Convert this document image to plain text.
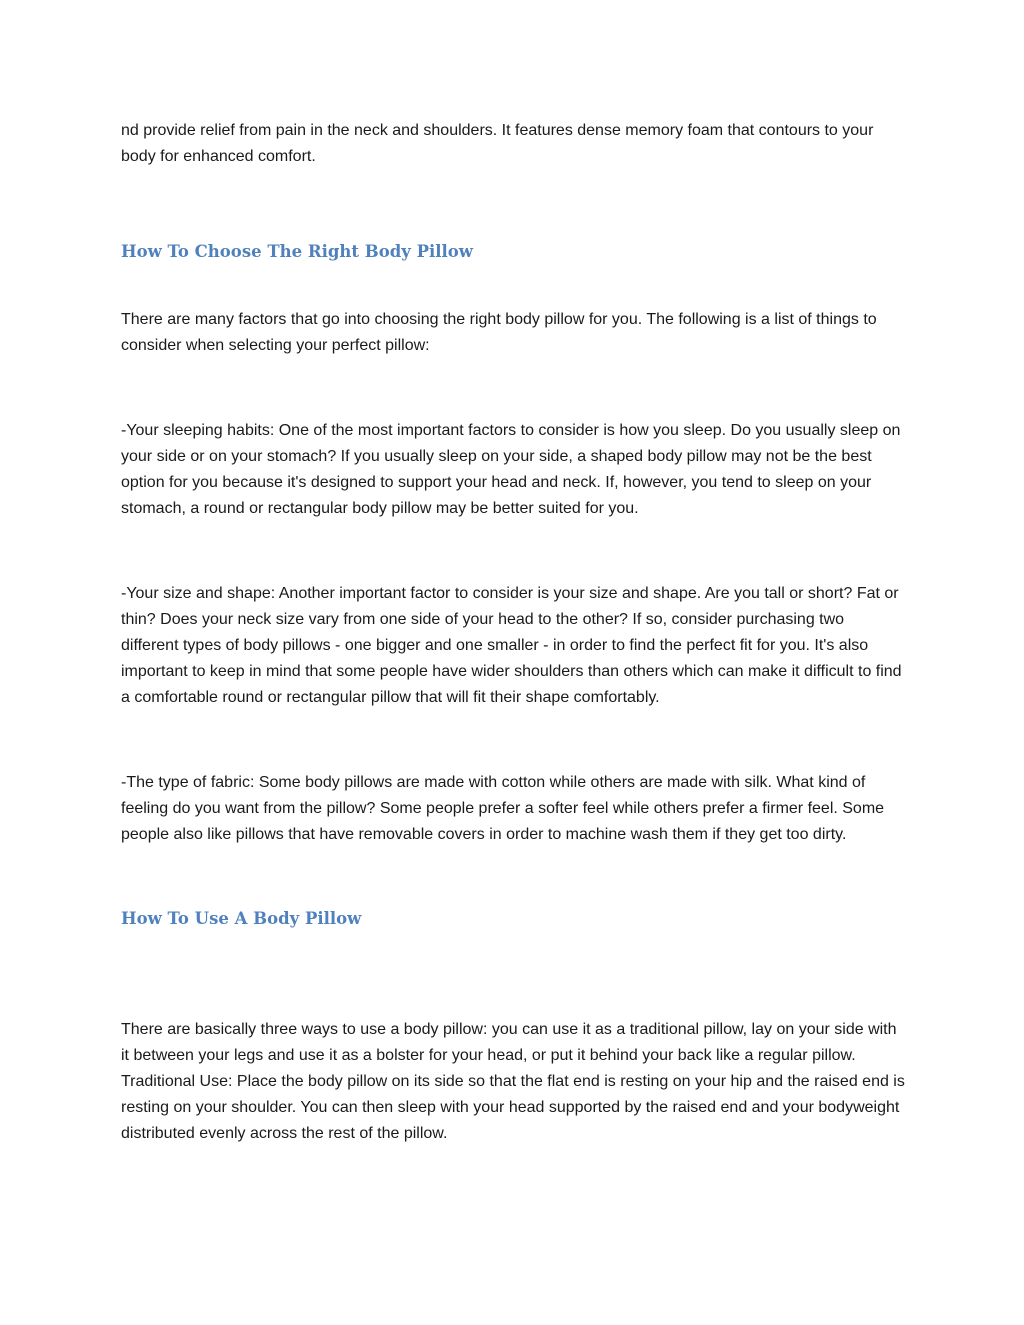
nd provide relief from pain in the neck and shoulders. It features dense memory foam that contours to your body for enhanced comfort.

How To Choose The Right Body Pillow

There are many factors that go into choosing the right body pillow for you. The following is a list of things to consider when selecting your perfect pillow:

-Your sleeping habits: One of the most important factors to consider is how you sleep. Do you usually sleep on your side or on your stomach? If you usually sleep on your side, a shaped body pillow may not be the best option for you because it's designed to support your head and neck. If, however, you tend to sleep on your stomach, a round or rectangular body pillow may be better suited for you.

-Your size and shape: Another important factor to consider is your size and shape. Are you tall or short? Fat or thin? Does your neck size vary from one side of your head to the other? If so, consider purchasing two different types of body pillows - one bigger and one smaller - in order to find the perfect fit for you. It's also important to keep in mind that some people have wider shoulders than others which can make it difficult to find a comfortable round or rectangular pillow that will fit their shape comfortably.

-The type of fabric: Some body pillows are made with cotton while others are made with silk. What kind of feeling do you want from the pillow? Some people prefer a softer feel while others prefer a firmer feel. Some people also like pillows that have removable covers in order to machine wash them if they get too dirty.

How To Use A Body Pillow

There are basically three ways to use a body pillow: you can use it as a traditional pillow, lay on your side with it between your legs and use it as a bolster for your head, or put it behind your back like a regular pillow. Traditional Use: Place the body pillow on its side so that the flat end is resting on your hip and the raised end is resting on your shoulder. You can then sleep with your head supported by the raised end and your bodyweight distributed evenly across the rest of the pillow.
